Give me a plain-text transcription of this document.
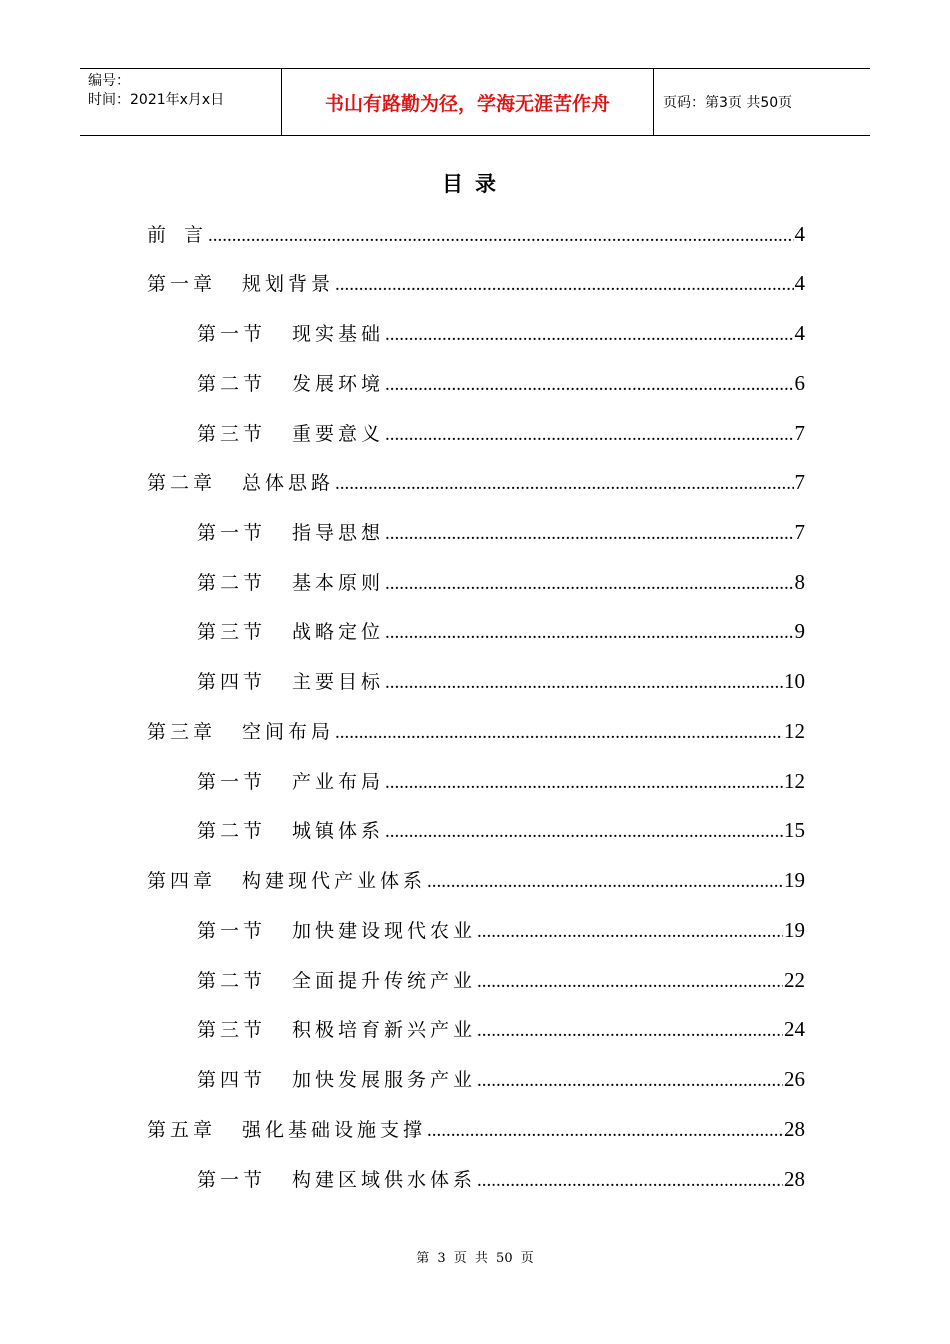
编号：
时间：2021年x月x日	书山有路勤为径，学海无涯苦作舟	页码：第3页 共50页
目录
前 言 .....	4
第一章 规划背景 .....	4
第一节 现实基础 .....	4
第二节 发展环境 .....	6
第三节 重要意义 .....	7
第二章 总体思路 .....	7
第一节 指导思想 .....	7
第二节 基本原则 .....	8
第三节 战略定位 .....	9
第四节 主要目标 .....	10
第三章 空间布局 .....	12
第一节 产业布局 .....	12
第二节 城镇体系 .....	15
第四章 构建现代产业体系 .....	19
第一节 加快建设现代农业 .....	19
第二节 全面提升传统产业 .....	22
第三节 积极培育新兴产业 .....	24
第四节 加快发展服务产业 .....	26
第五章 强化基础设施支撑 .....	28
第一节 构建区域供水体系 .....	28
第 3 页 共 50 页
